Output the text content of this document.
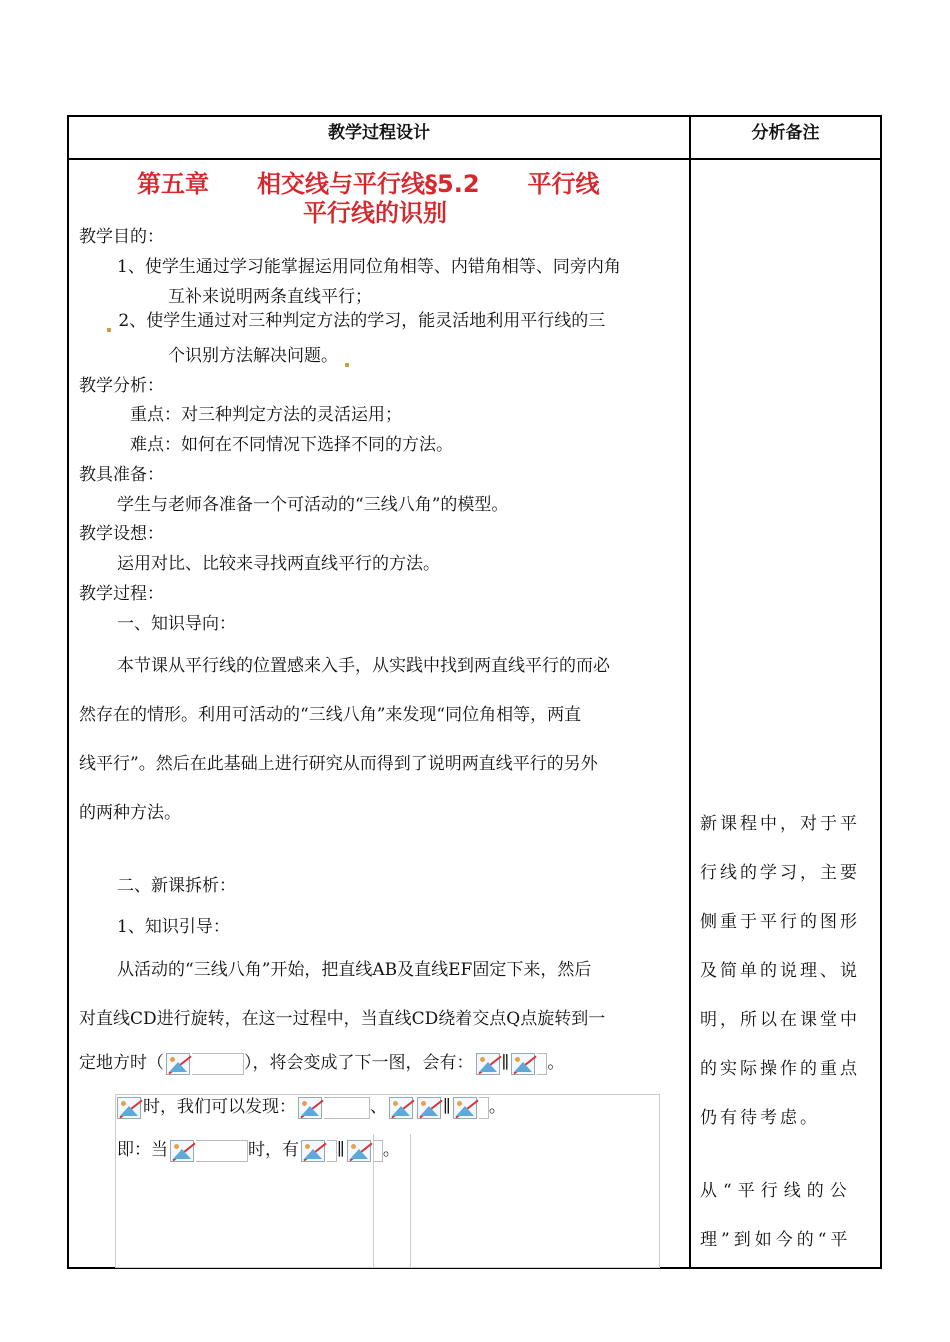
教学过程设计	分析备注
第五章　　相交线与平行线§5.2　　平行线
平行线的识别
教学目的：
1、使学生通过学习能掌握运用同位角相等、内错角相等、同旁内角
互补来说明两条直线平行；
2、使学生通过对三种判定方法的学习，能灵活地利用平行线的三
个识别方法解决问题。
教学分析：
重点：对三种判定方法的灵活运用；
难点：如何在不同情况下选择不同的方法。
教具准备：
学生与老师各准备一个可活动的“三线八角”的模型。
教学设想：
运用对比、比较来寻找两直线平行的方法。
教学过程：
一、知识导向：
本节课从平行线的位置感来入手，从实践中找到两直线平行的而必
然存在的情形。利用可活动的“三线八角”来发现“同位角相等，两直
线平行”。然后在此基础上进行研究从而得到了说明两直线平行的另外
的两种方法。
二、新课拆析：
1、知识引导：
从活动的“三线八角”开始，把直线AB及直线EF固定下来，然后
对直线CD进行旋转，在这一过程中，当直线CD绕着交点Q点旋转到一
定地方时（	），将会变成了下一图，会有： ∥ 。
时，我们可以发现：	、	∥ 。
即：当	时，有 ∥ 。
新课程中，对于平
行线的学习，主要
侧重于平行的图形
及简单的说理、说
明，所以在课堂中
的实际操作的重点
仍有待考虑。
从“平行线的公
理”到如今的“平
